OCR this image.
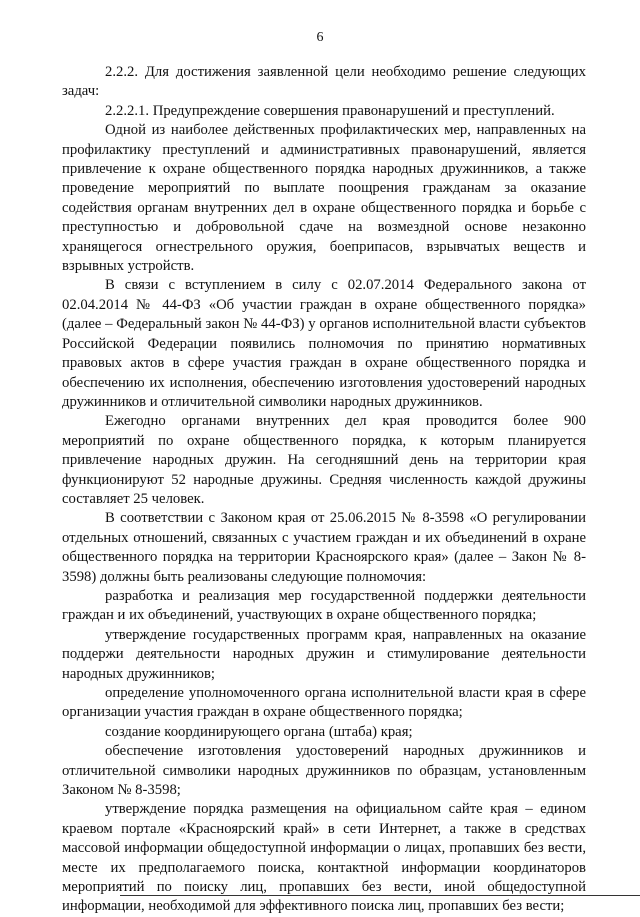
6

2.2.2. Для достижения заявленной цели необходимо решение следующих задач:

2.2.2.1. Предупреждение совершения правонарушений и преступлений.

Одной из наиболее действенных профилактических мер, направленных на профилактику преступлений и административных правонарушений, является привлечение к охране общественного порядка народных дружинников, а также проведение мероприятий по выплате поощрения гражданам за оказание содействия органам внутренних дел в охране общественного порядка и борьбе с преступностью и добровольной сдаче на возмездной основе незаконно хранящегося огнестрельного оружия, боеприпасов, взрывчатых веществ и взрывных устройств.

В связи с вступлением в силу с 02.07.2014 Федерального закона от 02.04.2014 № 44-ФЗ «Об участии граждан в охране общественного порядка» (далее – Федеральный закон № 44-ФЗ) у органов исполнительной власти субъектов Российской Федерации появились полномочия по принятию нормативных правовых актов в сфере участия граждан в охране общественного порядка и обеспечению их исполнения, обеспечению изготовления удостоверений народных дружинников и отличительной символики народных дружинников.

Ежегодно органами внутренних дел края проводится более 900 мероприятий по охране общественного порядка, к которым планируется привлечение народных дружин. На сегодняшний день на территории края функционируют 52 народные дружины. Средняя численность каждой дружины составляет 25 человек.

В соответствии с Законом края от 25.06.2015 № 8-3598 «О регулировании отдельных отношений, связанных с участием граждан и их объединений в охране общественного порядка на территории Красноярского края» (далее – Закон № 8-3598) должны быть реализованы следующие полномочия:

разработка и реализация мер государственной поддержки деятельности граждан и их объединений, участвующих в охране общественного порядка;

утверждение государственных программ края, направленных на оказание поддержи деятельности народных дружин и стимулирование деятельности народных дружинников;

определение уполномоченного органа исполнительной власти края в сфере организации участия граждан в охране общественного порядка;

создание координирующего органа (штаба) края;

обеспечение изготовления удостоверений народных дружинников и отличительной символики народных дружинников по образцам, установленным Законом № 8-3598;

утверждение порядка размещения на официальном сайте края – едином краевом портале «Красноярский край» в сети Интернет, а также в средствах массовой информации общедоступной информации о лицах, пропавших без вести, месте их предполагаемого поиска, контактной информации координаторов мероприятий по поиску лиц, пропавших без вести, иной общедоступной информации, необходимой для эффективного поиска лиц, пропавших без вести;
